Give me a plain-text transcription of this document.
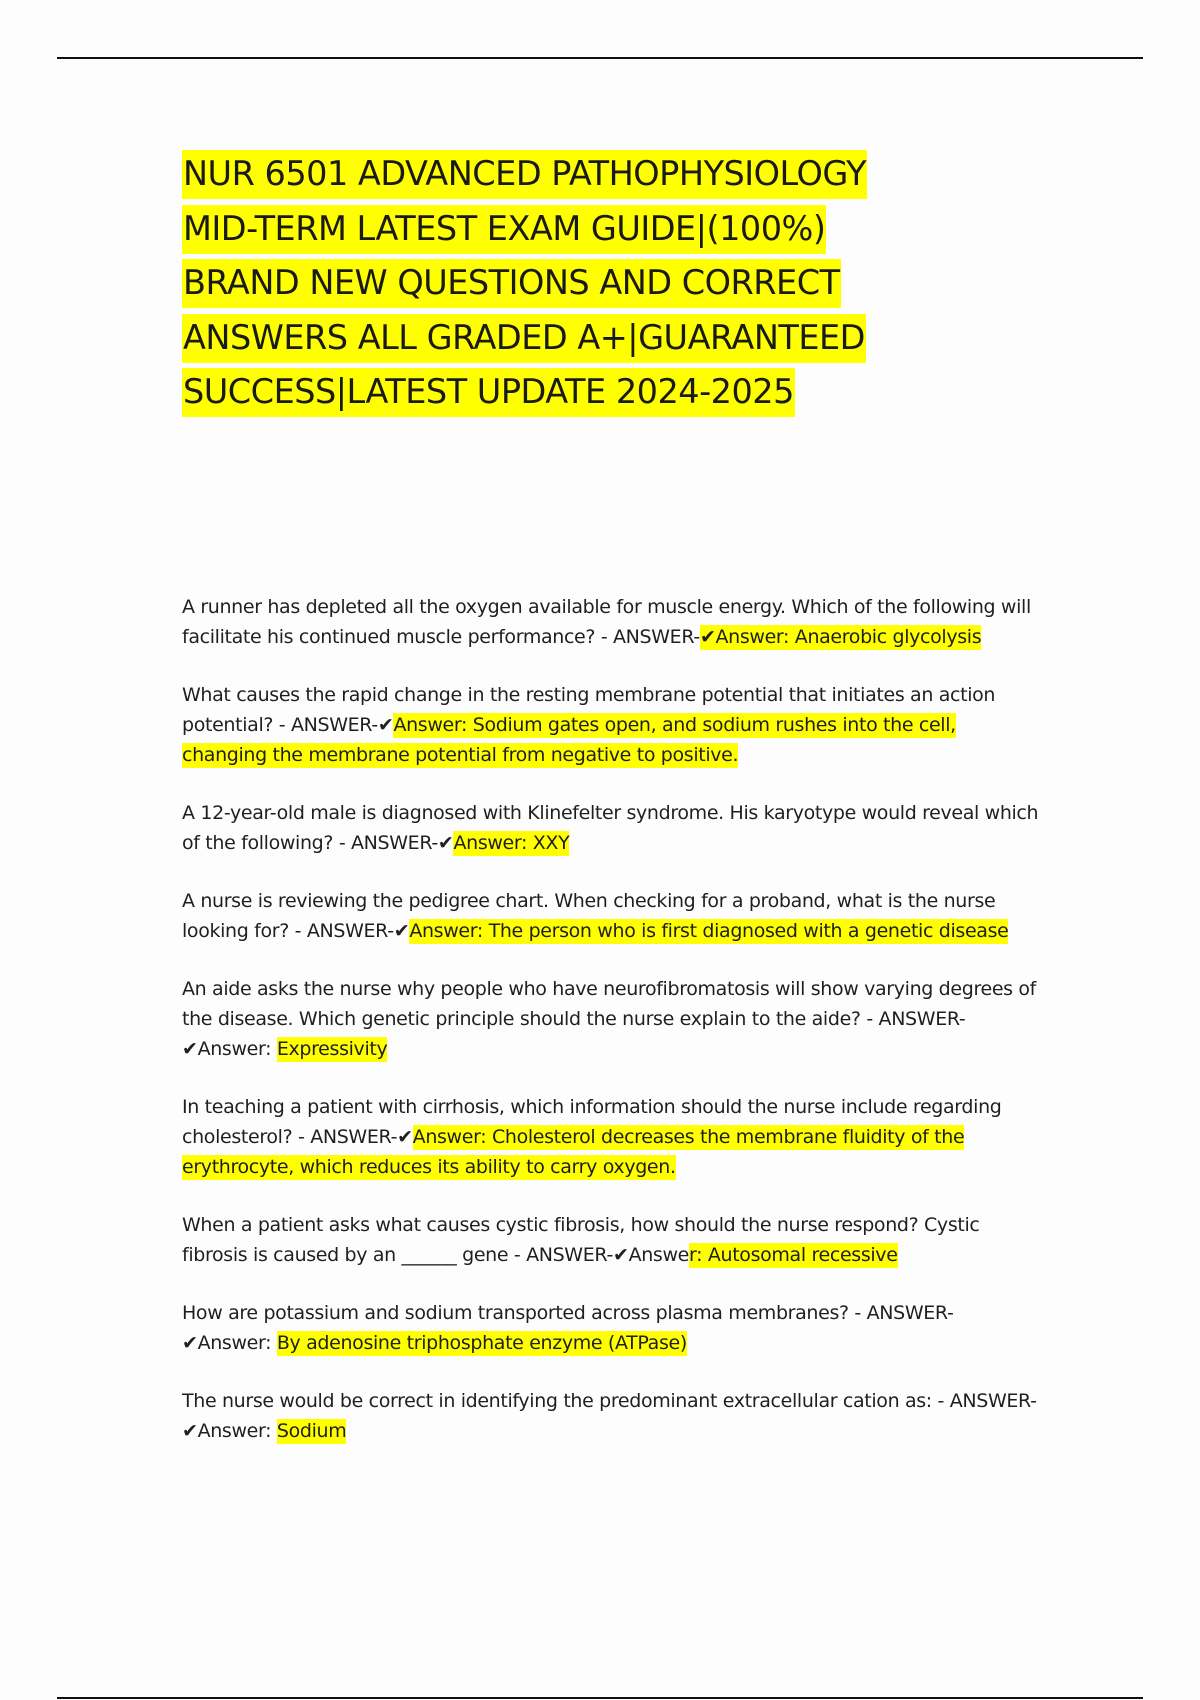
NUR 6501 ADVANCED PATHOPHYSIOLOGY
MID-TERM LATEST EXAM GUIDE|(100%)
BRAND NEW QUESTIONS AND CORRECT
ANSWERS ALL GRADED A+|GUARANTEED
SUCCESS|LATEST UPDATE 2024-2025

A runner has depleted all the oxygen available for muscle energy. Which of the following will facilitate his continued muscle performance? - ANSWER-✔Answer: Anaerobic glycolysis

What causes the rapid change in the resting membrane potential that initiates an action potential? - ANSWER-✔Answer: Sodium gates open, and sodium rushes into the cell, changing the membrane potential from negative to positive.

A 12-year-old male is diagnosed with Klinefelter syndrome. His karyotype would reveal which of the following? - ANSWER-✔Answer: XXY

A nurse is reviewing the pedigree chart. When checking for a proband, what is the nurse looking for? - ANSWER-✔Answer: The person who is first diagnosed with a genetic disease

An aide asks the nurse why people who have neurofibromatosis will show varying degrees of the disease. Which genetic principle should the nurse explain to the aide? - ANSWER-✔Answer: Expressivity

In teaching a patient with cirrhosis, which information should the nurse include regarding cholesterol? - ANSWER-✔Answer: Cholesterol decreases the membrane fluidity of the erythrocyte, which reduces its ability to carry oxygen.

When a patient asks what causes cystic fibrosis, how should the nurse respond? Cystic fibrosis is caused by an ______ gene - ANSWER-✔Answer: Autosomal recessive

How are potassium and sodium transported across plasma membranes? - ANSWER-✔Answer: By adenosine triphosphate enzyme (ATPase)

The nurse would be correct in identifying the predominant extracellular cation as: - ANSWER-✔Answer: Sodium
